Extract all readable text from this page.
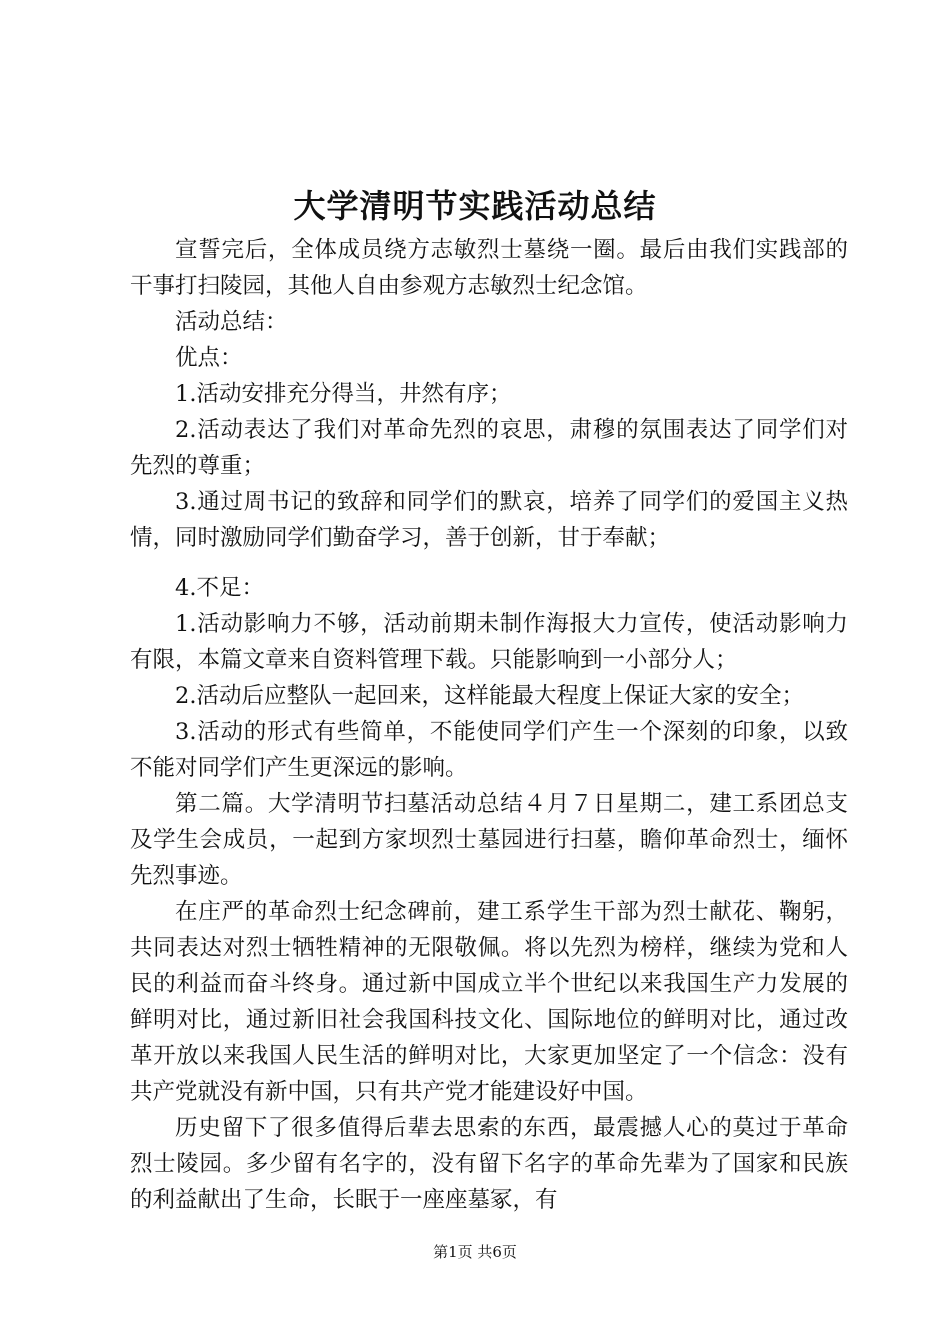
大学清明节实践活动总结

宣誓完后，全体成员绕方志敏烈士墓绕一圈。最后由我们实践部的干事打扫陵园，其他人自由参观方志敏烈士纪念馆。

活动总结：

优点：

1.活动安排充分得当，井然有序；

2.活动表达了我们对革命先烈的哀思，肃穆的氛围表达了同学们对先烈的尊重；

3.通过周书记的致辞和同学们的默哀，培养了同学们的爱国主义热情，同时激励同学们勤奋学习，善于创新，甘于奉献；

4.不足：

1.活动影响力不够，活动前期未制作海报大力宣传，使活动影响力有限，本篇文章来自资料管理下载。只能影响到一小部分人；

2.活动后应整队一起回来，这样能最大程度上保证大家的安全；

3.活动的形式有些简单，不能使同学们产生一个深刻的印象，以致不能对同学们产生更深远的影响。

第二篇。大学清明节扫墓活动总结４月７日星期二，建工系团总支及学生会成员，一起到方家坝烈士墓园进行扫墓，瞻仰革命烈士，缅怀先烈事迹。

在庄严的革命烈士纪念碑前，建工系学生干部为烈士献花、鞠躬，共同表达对烈士牺牲精神的无限敬佩。将以先烈为榜样，继续为党和人民的利益而奋斗终身。通过新中国成立半个世纪以来我国生产力发展的鲜明对比，通过新旧社会我国科技文化、国际地位的鲜明对比，通过改革开放以来我国人民生活的鲜明对比，大家更加坚定了一个信念：没有共产党就没有新中国，只有共产党才能建设好中国。

历史留下了很多值得后辈去思索的东西，最震撼人心的莫过于革命烈士陵园。多少留有名字的，没有留下名字的革命先辈为了国家和民族的利益献出了生命，长眠于一座座墓冢，有

第1页 共6页
